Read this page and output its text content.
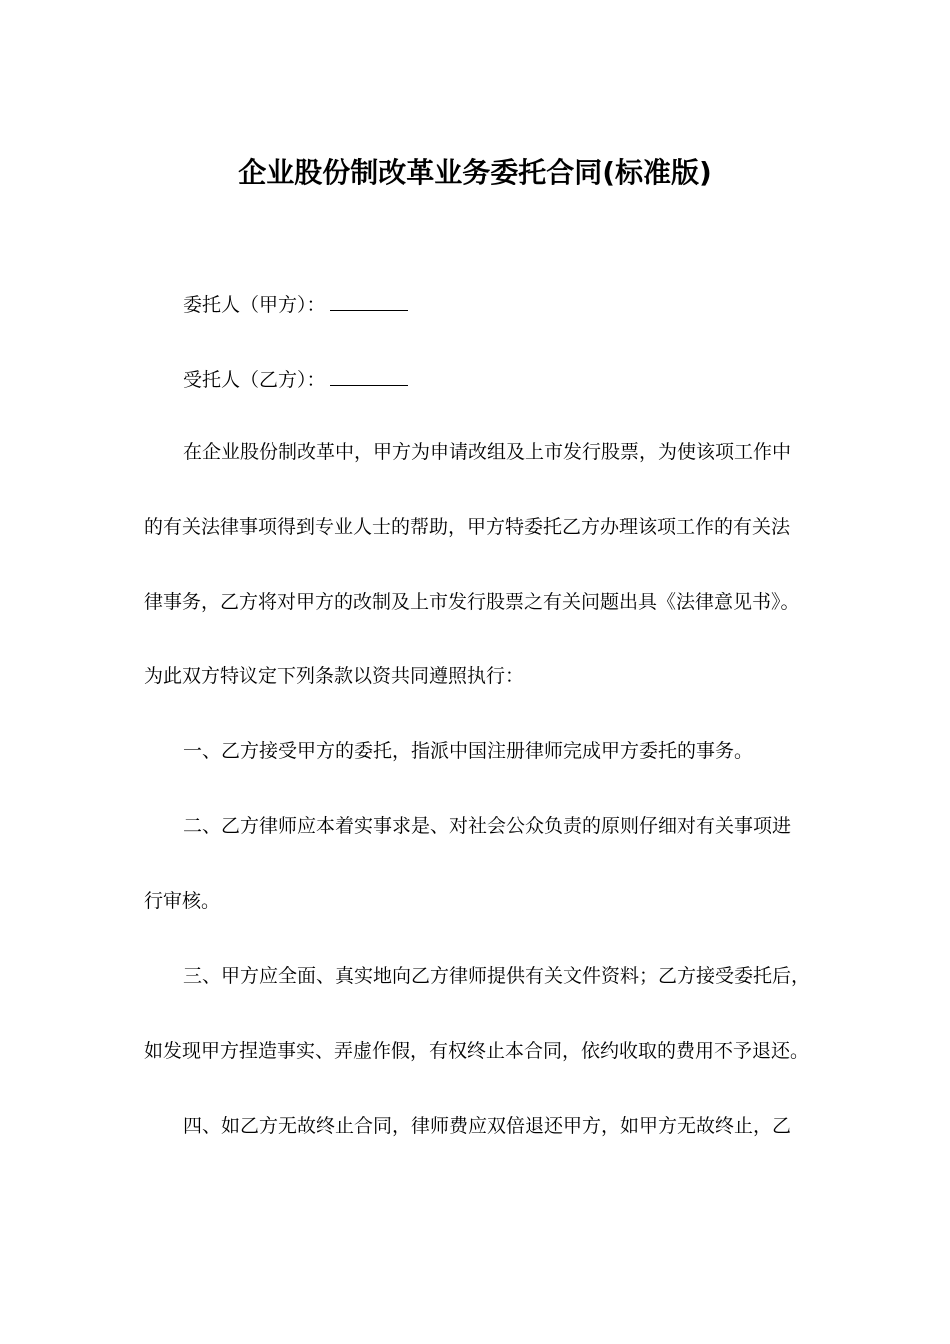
企业股份制改革业务委托合同(标准版)
委托人（甲方）：
受托人（乙方）：
在企业股份制改革中，甲方为申请改组及上市发行股票，为使该项工作中
的有关法律事项得到专业人士的帮助，甲方特委托乙方办理该项工作的有关法
律事务，乙方将对甲方的改制及上市发行股票之有关问题出具《法律意见书》。
为此双方特议定下列条款以资共同遵照执行：
一、乙方接受甲方的委托，指派中国注册律师完成甲方委托的事务。
二、乙方律师应本着实事求是、对社会公众负责的原则仔细对有关事项进
行审核。
三、甲方应全面、真实地向乙方律师提供有关文件资料；乙方接受委托后，
如发现甲方捏造事实、弄虚作假，有权终止本合同，依约收取的费用不予退还。
四、如乙方无故终止合同，律师费应双倍退还甲方，如甲方无故终止，乙
